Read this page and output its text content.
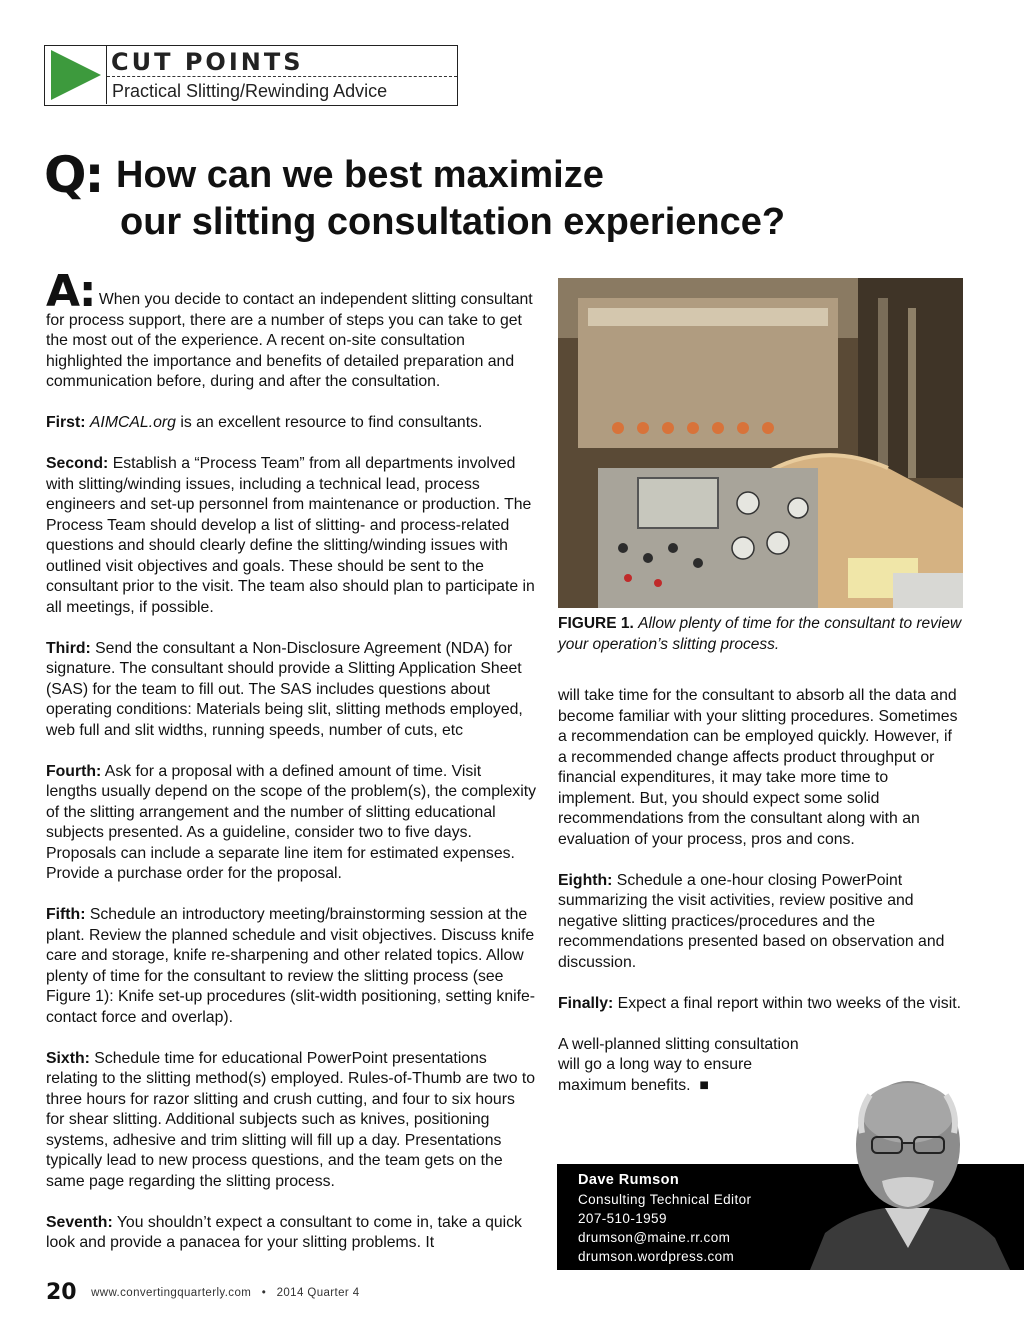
CUT POINTS
Practical Slitting/Rewinding Advice
Q: How can we best maximize
our slitting consultation experience?

A: When you decide to contact an independent slitting consultant for process support, there are a number of steps you can take to get the most out of the experience. A recent on-site consultation highlighted the importance and benefits of detailed preparation and communication before, during and after the consultation.

First: AIMCAL.org is an excellent resource to find consultants.

Second: Establish a “Process Team” from all departments involved with slitting/winding issues, including a technical lead, process engineers and set-up personnel from maintenance or production. The Process Team should develop a list of slitting- and process-related questions and should clearly define the slitting/winding issues with outlined visit objectives and goals. These should be sent to the consultant prior to the visit. The team also should plan to participate in all meetings, if possible.

Third: Send the consultant a Non-Disclosure Agreement (NDA) for signature. The consultant should provide a Slitting Application Sheet (SAS) for the team to fill out. The SAS includes questions about operating conditions: Materials being slit, slitting methods employed, web full and slit widths, running speeds, number of cuts, etc

Fourth: Ask for a proposal with a defined amount of time. Visit lengths usually depend on the scope of the problem(s), the complexity of the slitting arrangement and the number of slitting educational subjects presented. As a guideline, consider two to five days. Proposals can include a separate line item for estimated expenses. Provide a purchase order for the proposal.

Fifth: Schedule an introductory meeting/brainstorming session at the plant. Review the planned schedule and visit objectives. Discuss knife care and storage, knife re-sharpening and other related topics. Allow plenty of time for the consultant to review the slitting process (see Figure 1): Knife set-up procedures (slit-width positioning, setting knife-contact force and overlap).

Sixth: Schedule time for educational PowerPoint presentations relating to the slitting method(s) employed. Rules-of-Thumb are two to three hours for razor slitting and crush cutting, and four to six hours for shear slitting. Additional subjects such as knives, positioning systems, adhesive and trim slitting will fill up a day. Presentations typically lead to new process questions, and the team gets on the same page regarding the slitting process.

Seventh: You shouldn’t expect a consultant to come in, take a quick look and provide a panacea for your slitting problems. It

FIGURE 1. Allow plenty of time for the consultant to review your operation’s slitting process.

will take time for the consultant to absorb all the data and become familiar with your slitting procedures. Sometimes a recommendation can be employed quickly. However, if a recommended change affects product throughput or financial expenditures, it may take more time to implement. But, you should expect some solid recommendations from the consultant along with an evaluation of your process, pros and cons.

Eighth: Schedule a one-hour closing PowerPoint summarizing the visit activities, review positive and negative slitting practices/procedures and the recommendations presented based on observation and discussion.

Finally: Expect a final report within two weeks of the visit.

A well-planned slitting consultation will go a long way to ensure maximum benefits. ■

Dave Rumson
Consulting Technical Editor
207-510-1959
drumson@maine.rr.com
drumson.wordpress.com
20 www.convertingquarterly.com • 2014 Quarter 4
